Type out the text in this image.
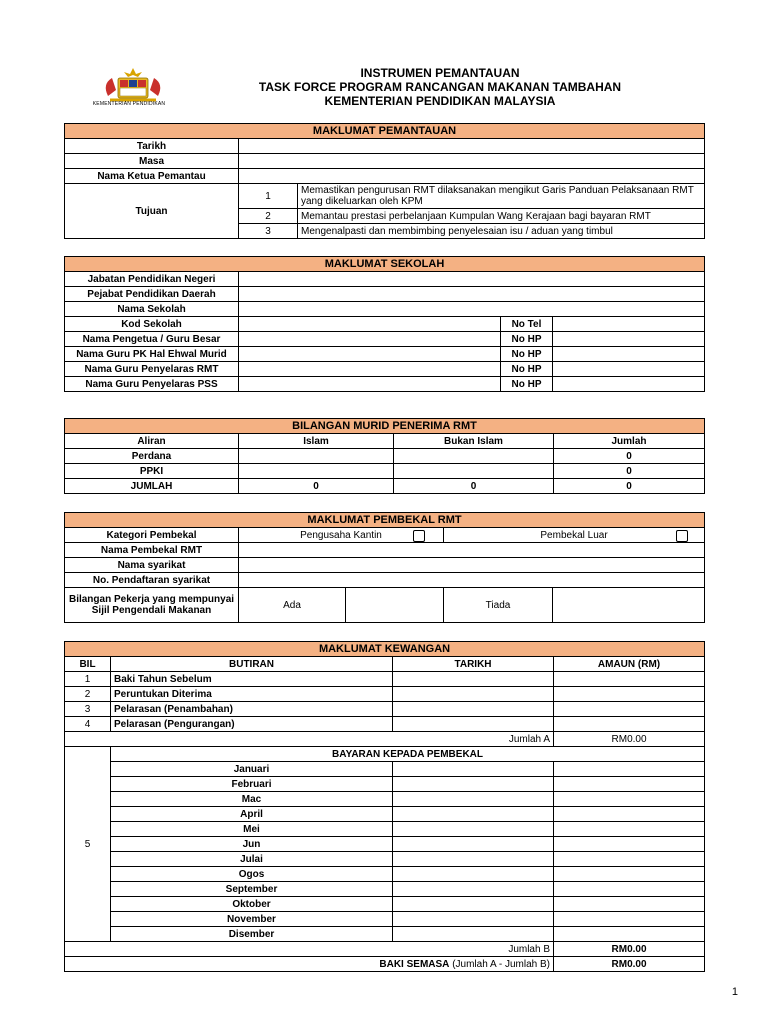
KEMENTERIAN PENDIDIKAN
INSTRUMEN PEMANTAUAN
TASK FORCE PROGRAM RANCANGAN MAKANAN TAMBAHAN
KEMENTERIAN PENDIDIKAN MALAYSIA
MAKLUMAT PEMANTAUAN		
Tarikh		
Masa		
Nama Ketua Pemantau		
Tujuan	1	Memastikan pengurusan RMT dilaksanakan mengikut Garis Panduan Pelaksanaan RMT yang dikeluarkan oleh KPM
	2	Memantau prestasi perbelanjaan Kumpulan Wang Kerajaan bagi bayaran RMT
	3	Mengenalpasti dan membimbing penyelesaian isu / aduan yang timbul
MAKLUMAT SEKOLAH			
Jabatan Pendidikan Negeri			
Pejabat Pendidikan Daerah			
Nama Sekolah			
Kod Sekolah		No Tel	
Nama Pengetua / Guru Besar		No HP	
Nama Guru PK Hal Ehwal Murid		No HP	
Nama Guru Penyelaras RMT		No HP	
Nama Guru Penyelaras PSS		No HP	
BILANGAN MURID PENERIMA RMT			
Aliran	Islam	Bukan Islam	Jumlah
Perdana			0
PPKI			0
JUMLAH	0	0	0
MAKLUMAT PEMBEKAL RMT				
Kategori Pembekal	Pengusaha Kantin		Pembekal Luar	

Nama Pembekal RMT				
Nama syarikat				
No. Pendaftaran syarikat				
Bilangan Pekerja yang mempunyai Sijil Pengendali Makanan	Ada		Tiada	
MAKLUMAT KEWANGAN			
BIL	BUTIRAN	TARIKH	AMAUN (RM)
1	Baki Tahun Sebelum		
2	Peruntukan Diterima		
3	Pelarasan (Penambahan)		
4	Pelarasan (Pengurangan)		
Jumlah A			RM0.00
5	BAYARAN KEPADA PEMBEKAL		
	Januari		
	Februari		
	Mac		
	April		
	Mei		
	Jun		
	Julai		
	Ogos		
	September		
	Oktober		
	November		
	Disember		
Jumlah B			RM0.00
BAKI SEMASA (Jumlah A - Jumlah B)			RM0.00
1
